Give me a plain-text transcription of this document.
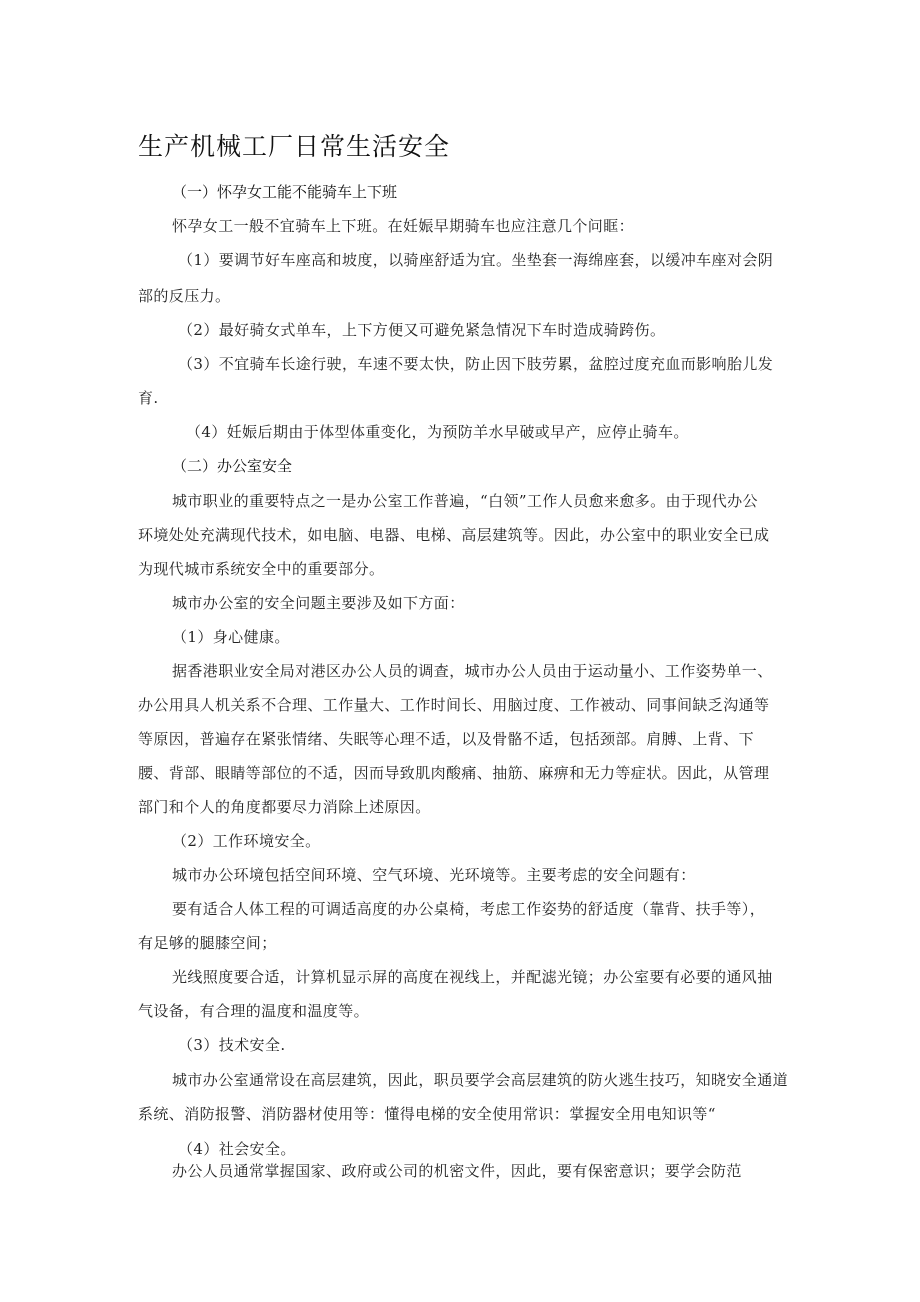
生产机械工厂日常生活安全
（一）怀孕女工能不能骑车上下班
怀孕女工一般不宜骑车上下班。在妊娠早期骑车也应注意几个问眶：
（1）要调节好车座高和坡度，以骑座舒适为宜。坐垫套一海绵座套，以缓冲车座对会阴
部的反压力。
（2）最好骑女式单车，上下方便又可避免紧急情况下车时造成骑跨伤。
（3）不宜骑车长途行驶，车速不要太快，防止因下肢劳累，盆腔过度充血而影响胎儿发
育.
（4）妊娠后期由于体型体重变化，为预防羊水早破或早产，应停止骑车。
（二）办公室安全
城市职业的重要特点之一是办公室工作普遍，“白领”工作人员愈来愈多。由于现代办公
环境处处充满现代技术，如电脑、电器、电梯、高层建筑等。因此，办公室中的职业安全已成
为现代城市系统安全中的重要部分。
城市办公室的安全问题主要涉及如下方面：
（1）身心健康。
据香港职业安全局对港区办公人员的调查，城市办公人员由于运动量小、工作姿势单一、
办公用具人机关系不合理、工作量大、工作时间长、用脑过度、工作被动、同事间缺乏沟通等
等原因，普遍存在紧张情绪、失眠等心理不适，以及骨骼不适，包括颈部。肩膊、上背、下
腰、背部、眼睛等部位的不适，因而导致肌肉酸痛、抽筋、麻痹和无力等症状。因此，从管理
部门和个人的角度都要尽力消除上述原因。
（2）工作环境安全。
城市办公环境包括空间环境、空气环境、光环境等。主要考虑的安全问题有：
要有适合人体工程的可调适高度的办公桌椅，考虑工作姿势的舒适度（靠背、扶手等），
有足够的腿膝空间；
光线照度要合适，计算机显示屏的高度在视线上，并配滤光镜；办公室要有必要的通风抽
气设备，有合理的温度和温度等。
（3）技术安全.
城市办公室通常设在高层建筑，因此，职员要学会高层建筑的防火逃生技巧，知晓安全通道
系统、消防报警、消防器材使用等：懂得电梯的安全使用常识：掌握安全用电知识等“
（4）社会安全。
办公人员通常掌握国家、政府或公司的机密文件，因此，要有保密意识；要学会防范
